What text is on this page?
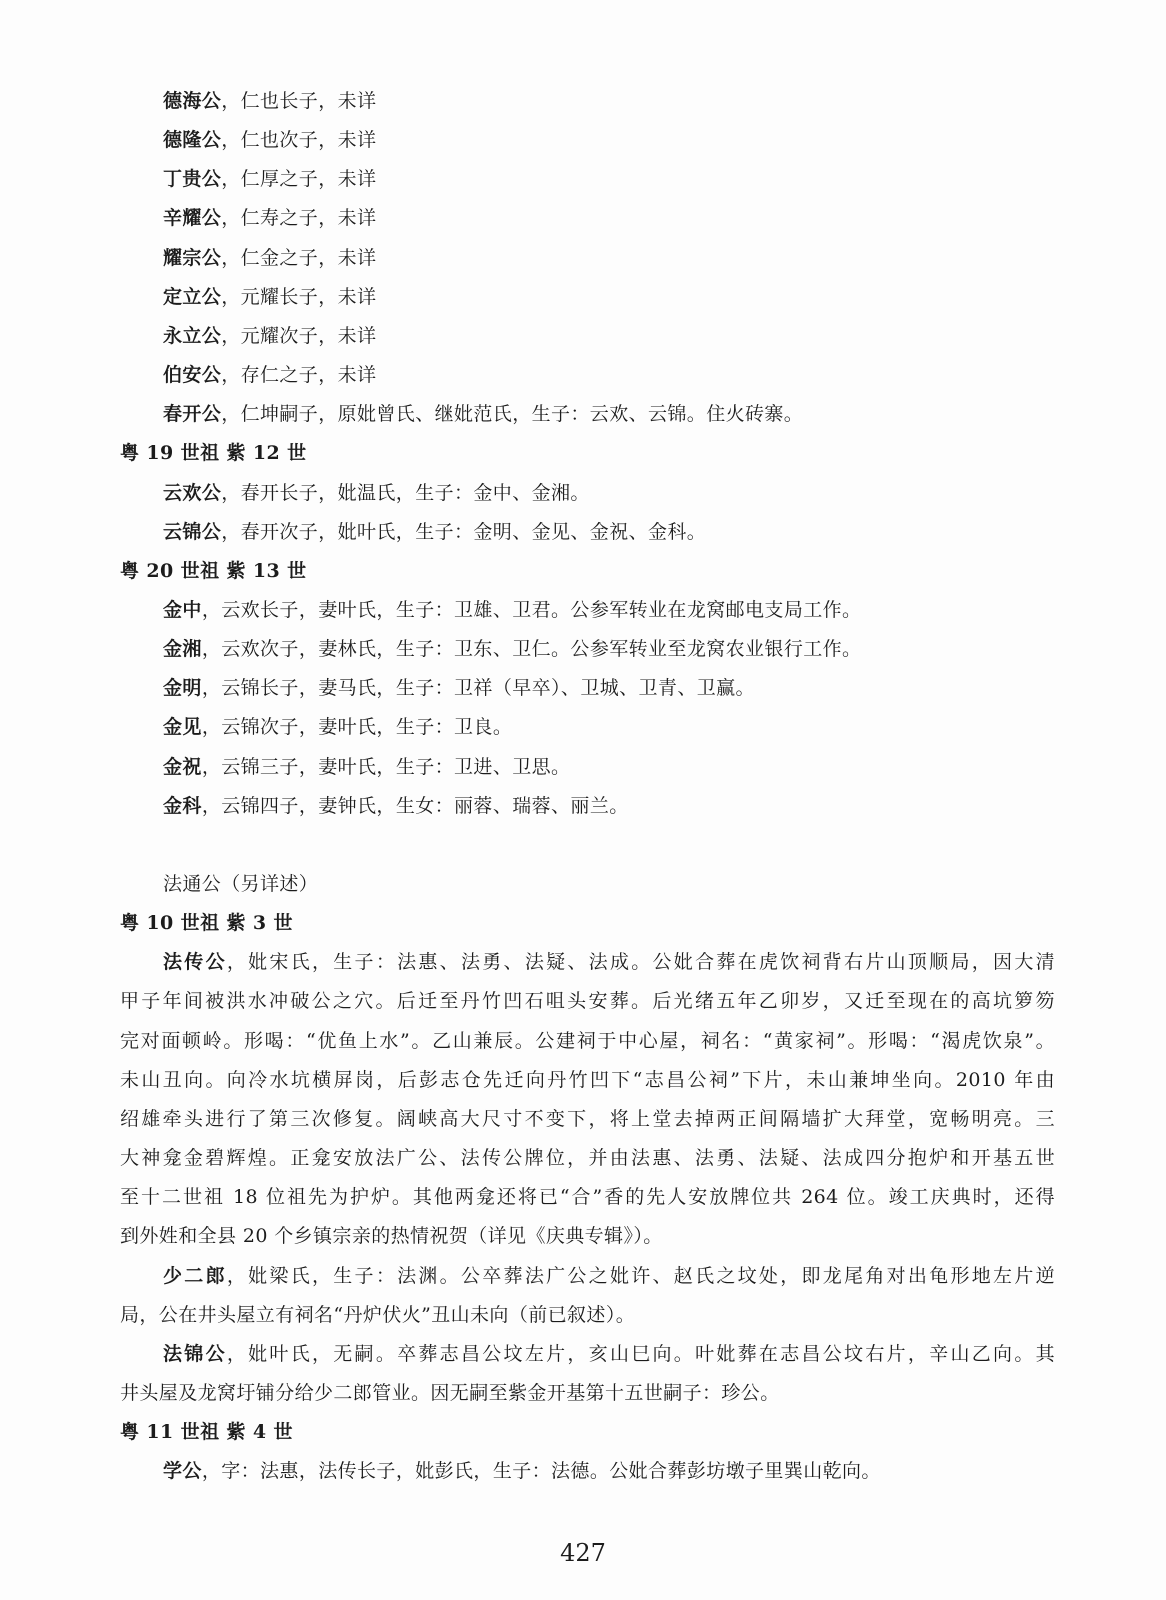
德海公，仁也长子，未详
德隆公，仁也次子，未详
丁贵公，仁厚之子，未详
辛耀公，仁寿之子，未详
耀宗公，仁金之子，未详
定立公，元耀长子，未详
永立公，元耀次子，未详
伯安公，存仁之子，未详
春开公，仁坤嗣子，原妣曾氏、继妣范氏，生子：云欢、云锦。住火砖寨。
粤 19 世祖 紫 12 世
云欢公，春开长子，妣温氏，生子：金中、金湘。
云锦公，春开次子，妣叶氏，生子：金明、金见、金祝、金科。
粤 20 世祖 紫 13 世
金中，云欢长子，妻叶氏，生子：卫雄、卫君。公参军转业在龙窝邮电支局工作。
金湘，云欢次子，妻林氏，生子：卫东、卫仁。公参军转业至龙窝农业银行工作。
金明，云锦长子，妻马氏，生子：卫祥（早卒）、卫城、卫青、卫赢。
金见，云锦次子，妻叶氏，生子：卫良。
金祝，云锦三子，妻叶氏，生子：卫进、卫思。
金科，云锦四子，妻钟氏，生女：丽蓉、瑞蓉、丽兰。
法通公（另详述）
粤 10 世祖 紫 3 世
法传公，妣宋氏，生子：法惠、法勇、法疑、法成。公妣合葬在虎饮祠背右片山顶顺局，因大清
甲子年间被洪水冲破公之穴。后迁至丹竹凹石咀头安葬。后光绪五年乙卯岁，又迁至现在的高坑箩笏
完对面顿岭。形喝：“优鱼上水”。乙山兼辰。公建祠于中心屋，祠名：“黄家祠”。形喝：“渴虎饮泉”。
未山丑向。向冷水坑横屏岗，后彭志仓先迁向丹竹凹下“志昌公祠”下片，未山兼坤坐向。2010 年由
绍雄牵头进行了第三次修复。阔峡高大尺寸不变下，将上堂去掉两正间隔墙扩大拜堂，宽畅明亮。三
大神龛金碧辉煌。正龛安放法广公、法传公牌位，并由法惠、法勇、法疑、法成四分抱炉和开基五世
至十二世祖 18 位祖先为护炉。其他两龛还将已“合”香的先人安放牌位共 264 位。竣工庆典时，还得
到外姓和全县 20 个乡镇宗亲的热情祝贺（详见《庆典专辑》）。
少二郎，妣梁氏，生子：法渊。公卒葬法广公之妣许、赵氏之坟处，即龙尾角对出龟形地左片逆
局，公在井头屋立有祠名“丹炉伏火”丑山未向（前已叙述）。
法锦公，妣叶氏，无嗣。卒葬志昌公坟左片，亥山巳向。叶妣葬在志昌公坟右片，辛山乙向。其
井头屋及龙窝圩铺分给少二郎管业。因无嗣至紫金开基第十五世嗣子：珍公。
粤 11 世祖 紫 4 世
学公，字：法惠，法传长子，妣彭氏，生子：法德。公妣合葬彭坊墩子里巽山乾向。
427
